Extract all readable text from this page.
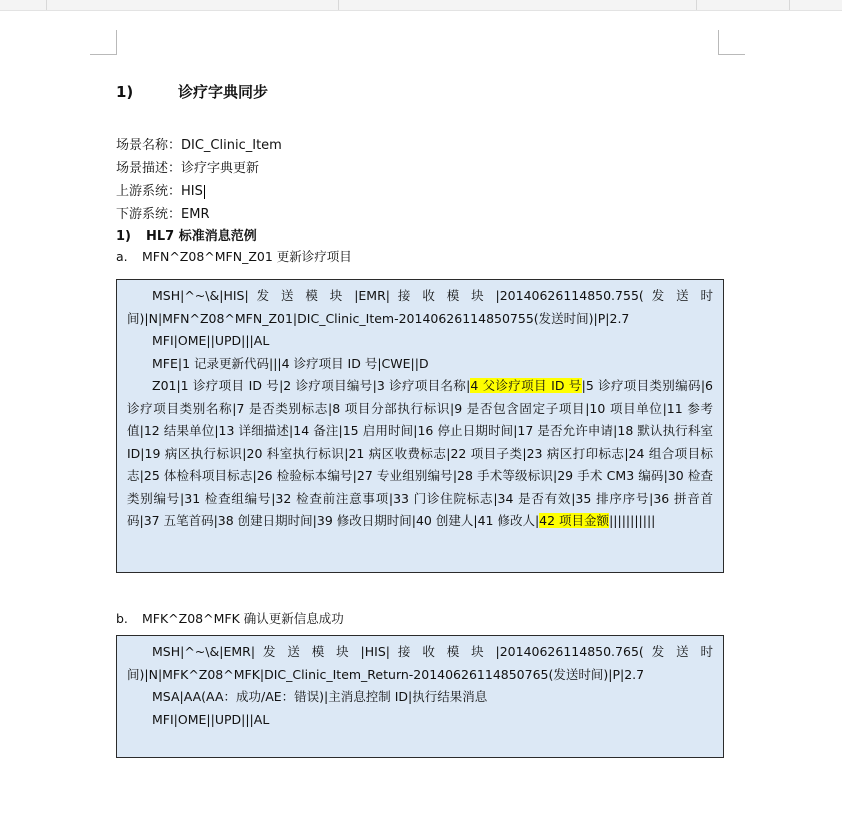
1)	诊疗字典同步
场景名称：DIC_Clinic_Item
场景描述：诊疗字典更新
上游系统：HIS
下游系统：EMR
1) HL7 标准消息范例
a. MFN^Z08^MFN_Z01 更新诊疗项目

MSH|^~\&|HIS| 发 送 模 块 |EMR| 接 收 模 块 |20140626114850.755( 发 送 时 间)|N|MFN^Z08^MFN_Z01|DIC_Clinic_Item-20140626114850755(发送时间)|P|2.7

MFI|OME||UPD|||AL

MFE|1 记录更新代码|||4 诊疗项目 ID 号|CWE||D

Z01|1 诊疗项目 ID 号|2 诊疗项目编号|3 诊疗项目名称|4 父诊疗项目 ID 号|5 诊疗项目类别编码|6 诊疗项目类别名称|7 是否类别标志|8 项目分部执行标识|9 是否包含固定子项目|10 项目单位|11 参考值|12 结果单位|13 详细描述|14 备注|15 启用时间|16 停止日期时间|17 是否允许申请|18 默认执行科室 ID|19 病区执行标识|20 科室执行标识|21 病区收费标志|22 项目子类|23 病区打印标志|24 组合项目标志|25 体检科项目标志|26 检验标本编号|27 专业组别编号|28 手术等级标识|29 手术 CM3 编码|30 检查类别编号|31 检查组编号|32 检查前注意事项|33 门诊住院标志|34 是否有效|35 排序序号|36 拼音首码|37 五笔首码|38 创建日期时间|39 修改日期时间|40 创建人|41 修改人|42 项目金额|||||||||||

b. MFK^Z08^MFK 确认更新信息成功

MSH|^~\&|EMR| 发 送 模 块 |HIS| 接 收 模 块 |20140626114850.765( 发 送 时 间)|N|MFK^Z08^MFK|DIC_Clinic_Item_Return-20140626114850765(发送时间)|P|2.7

MSA|AA(AA：成功/AE：错误)|主消息控制 ID|执行结果消息

MFI|OME||UPD|||AL
